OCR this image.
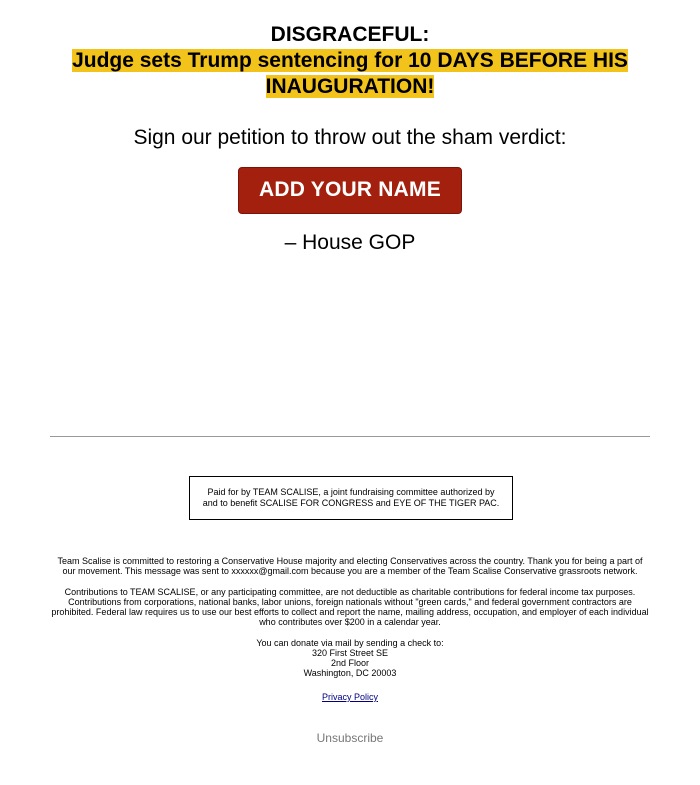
DISGRACEFUL:
Judge sets Trump sentencing for 10 DAYS BEFORE HIS INAUGURATION!
Sign our petition to throw out the sham verdict:
ADD YOUR NAME
– House GOP
Paid for by TEAM SCALISE, a joint fundraising committee authorized by and to benefit SCALISE FOR CONGRESS and EYE OF THE TIGER PAC.

Team Scalise is committed to restoring a Conservative House majority and electing Conservatives across the country. Thank you for being a part of our movement. This message was sent to xxxxxx@gmail.com because you are a member of the Team Scalise Conservative grassroots network.

Contributions to TEAM SCALISE, or any participating committee, are not deductible as charitable contributions for federal income tax purposes. Contributions from corporations, national banks, labor unions, foreign nationals without "green cards," and federal government contractors are prohibited. Federal law requires us to use our best efforts to collect and report the name, mailing address, occupation, and employer of each individual who contributes over $200 in a calendar year.

You can donate via mail by sending a check to:
320 First Street SE
2nd Floor
Washington, DC 20003
Privacy Policy
Unsubscribe
